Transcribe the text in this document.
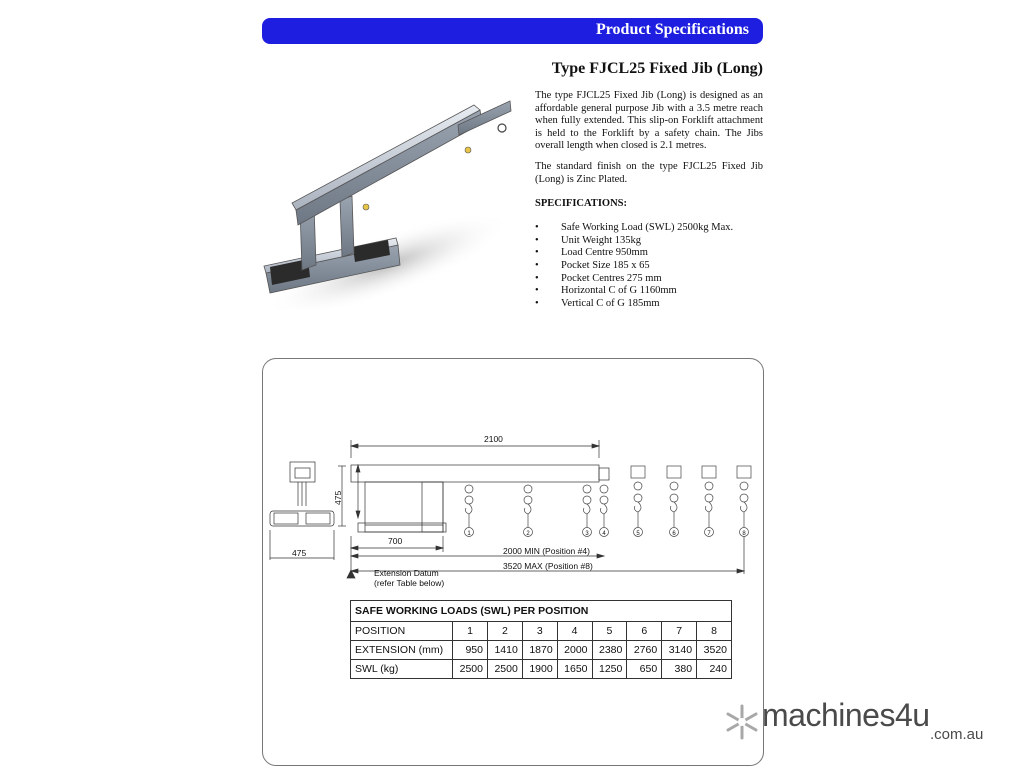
Product Specifications
Type FJCL25 Fixed Jib (Long)
The type FJCL25 Fixed Jib (Long) is designed as an affordable general purpose Jib with a 3.5 metre reach when fully extended. This slip-on Forklift attachment is held to the Forklift by a safety chain. The Jibs overall length when closed is 2.1 metres.
The standard finish on the type FJCL25 Fixed Jib (Long) is Zinc Plated.
SPECIFICATIONS:
• Safe Working Load (SWL) 2500kg Max.
• Unit Weight 135kg
• Load Centre 950mm
• Pocket Size 185 x 65
• Pocket Centres 275 mm
• Horizontal C of G 1160mm
• Vertical C of G 185mm
1	2	3 4	5	6	7	8
2100
475
475
700
2000 MIN (Position #4)
3520 MAX (Position #8)
Extension Datum
(refer Table below)
SAFE WORKING LOADS (SWL) PER POSITION								
POSITION	1	2	3	4	5	6	7	8
EXTENSION (mm)	950	1410	1870	2000	2380	2760	3140	3520
SWL (kg)	2500	2500	1900	1650	1250	650	380	240
machines4u
.com.au
